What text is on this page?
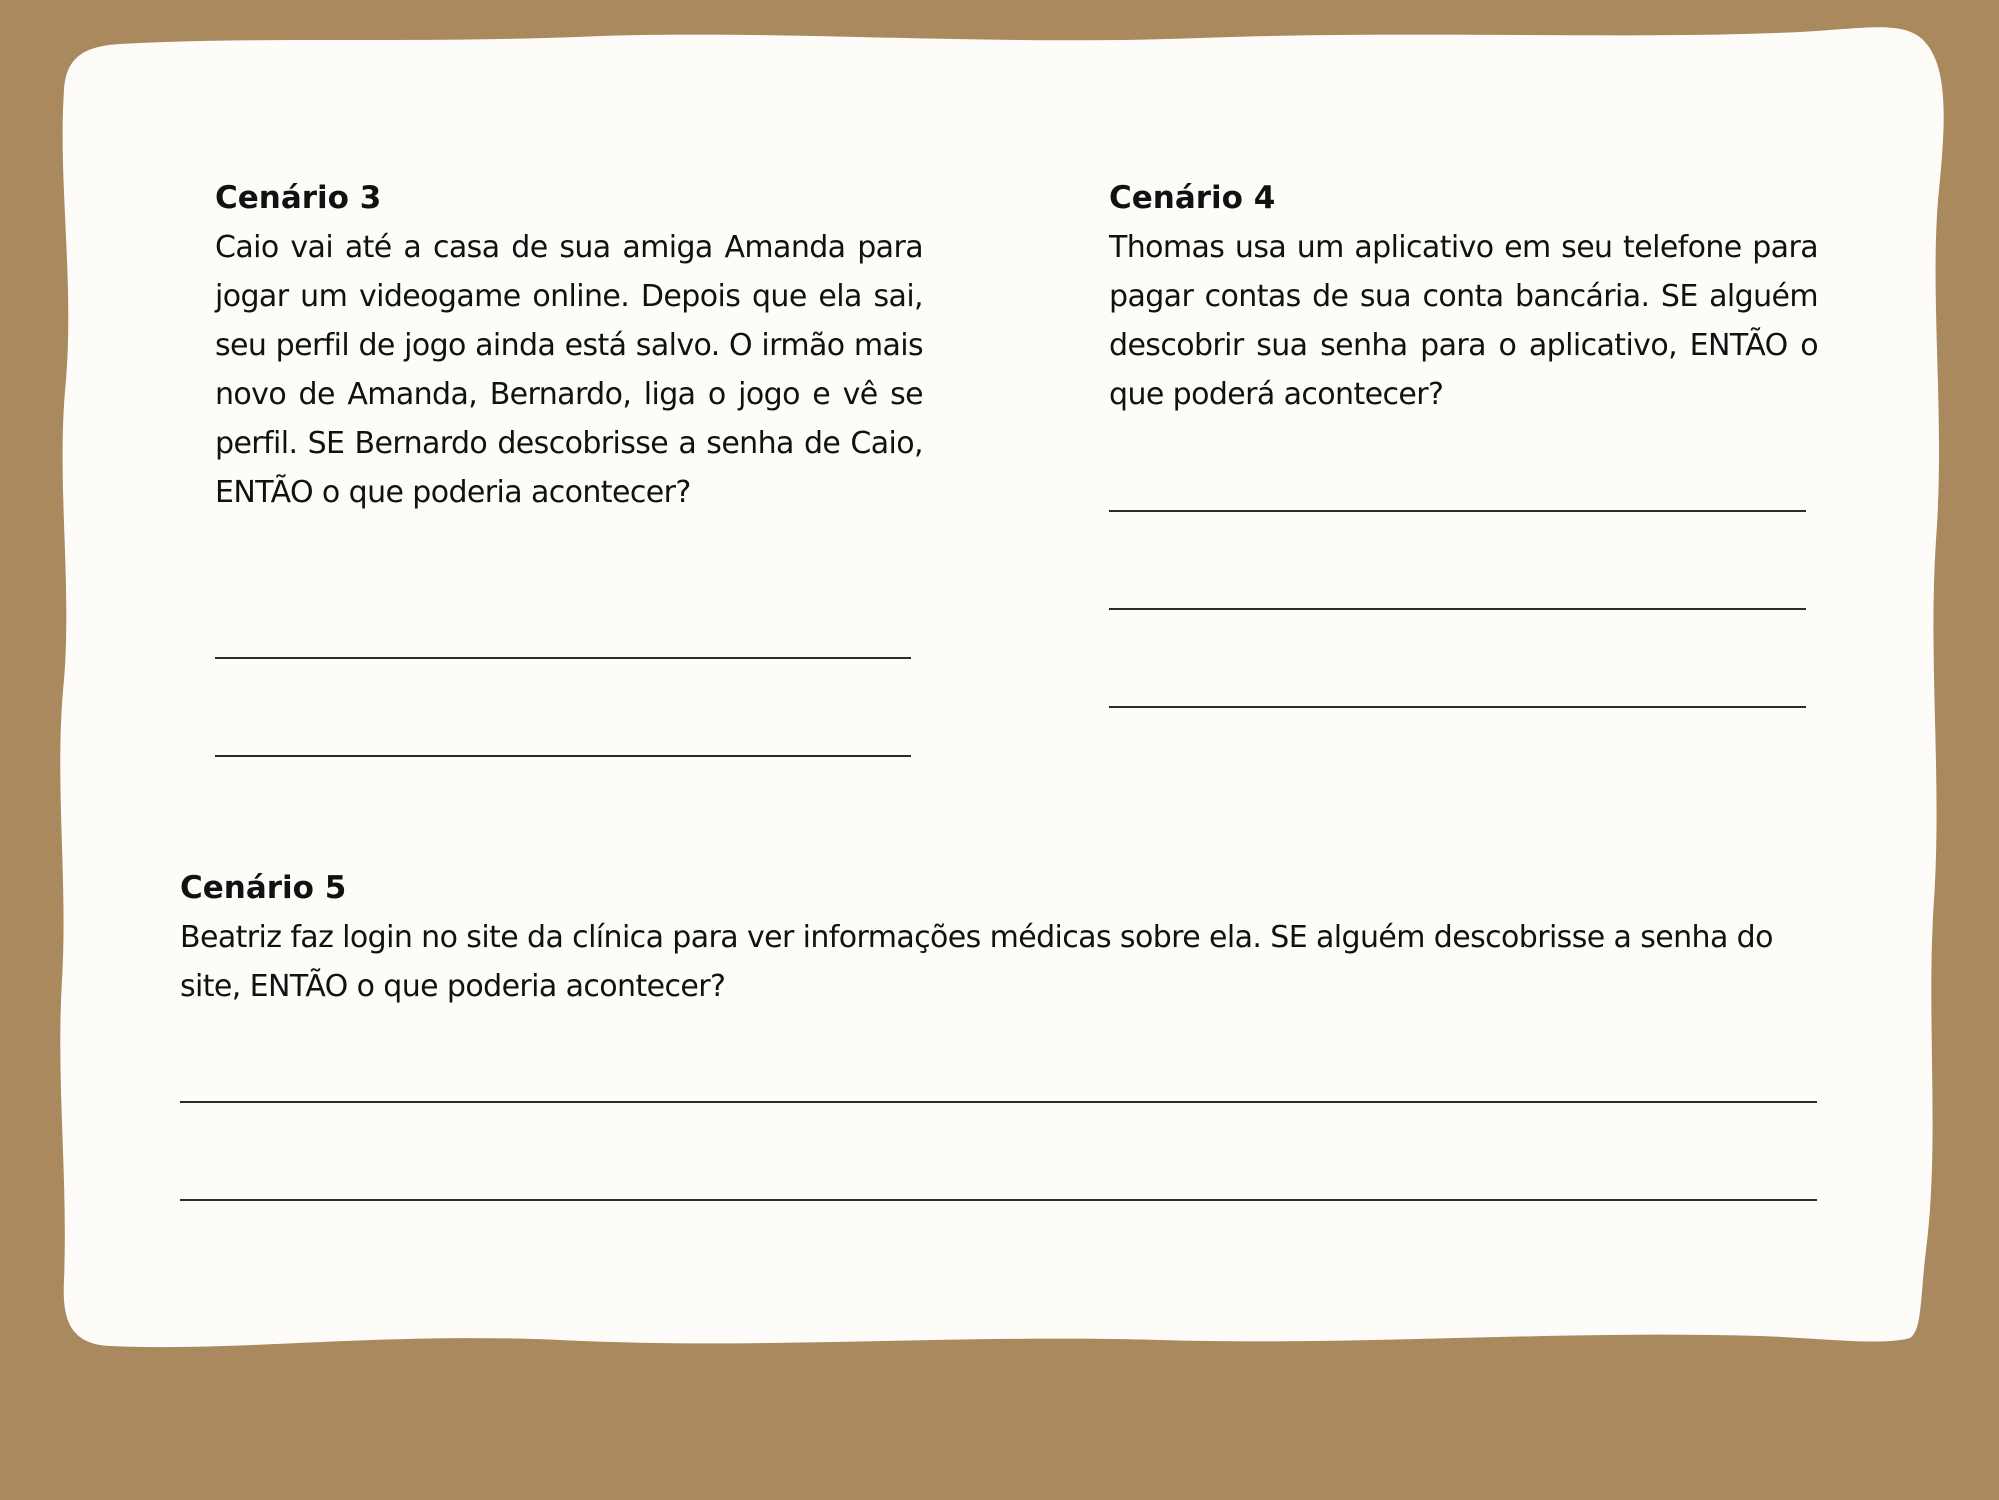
Cenário 3

Caio vai até a casa de sua amiga Amanda para jogar um videogame online. Depois que ela sai, seu perfil de jogo ainda está salvo. O irmão mais novo de Amanda, Bernardo, liga o jogo e vê se perfil. SE Bernardo descobrisse a senha de Caio, ENTÃO o que poderia acontecer?

Cenário 4

Thomas usa um aplicativo em seu telefone para pagar contas de sua conta bancária. SE alguém descobrir sua senha para o aplicativo, ENTÃO o que poderá acontecer?

Cenário 5

Beatriz faz login no site da clínica para ver informações médicas sobre ela. SE alguém descobrisse a senha do site, ENTÃO o que poderia acontecer?
